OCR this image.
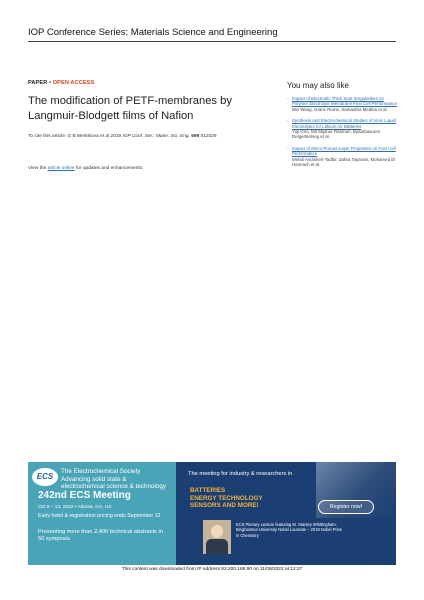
IOP Conference Series: Materials Science and Engineering
PAPER • OPEN ACCESS
The modification of PETF-membranes by Langmuir-Blodgett films of Nafion
To cite this article: G B Melnikova et al 2019 IOP Conf. Ser.: Mater. Sci. Eng. 699 012029
View the article online for updates and enhancements.
You may also like
- Impact of Electrodic Thick Spot Irregularities on Polymer Electrolyte Membrane Fuel Cell Performance
Min Wang, Grace Rome, Samantha Medina et al.
- Synthesis and Electrochemical Studies of Ionic Liquid Electrolytes for Lithium Air Batteries
Yuji Ono, Md Mijanur Rahman, Byambasuren Delgertsetseg et al.
- Impact of Micro-Porous-Layer Properties on Fuel Cell Performance
Mehdi Andisheh-Tadbir, Zahra Tayarani, Mohamed El Hannach et al.
ECS
The Electrochemical Society Advancing solid state & electrochemical science & technology
242nd ECS Meeting
Oct 9 – 13, 2022 • Atlanta, GA, US
Early hotel & registration pricing ends September 12
Presenting more than 2,400 technical abstracts in 50 symposia
The meeting for industry & researchers in
BATTERIES
ENERGY TECHNOLOGY
SENSORS AND MORE!	Register now!
ECS Plenary Lecture featuring M. Stanley Whittingham, Binghamton University Nobel Laureate – 2019 Nobel Prize in Chemistry
This content was downloaded from IP address 82.200.168.90 on 11/08/2022 at 12:27
